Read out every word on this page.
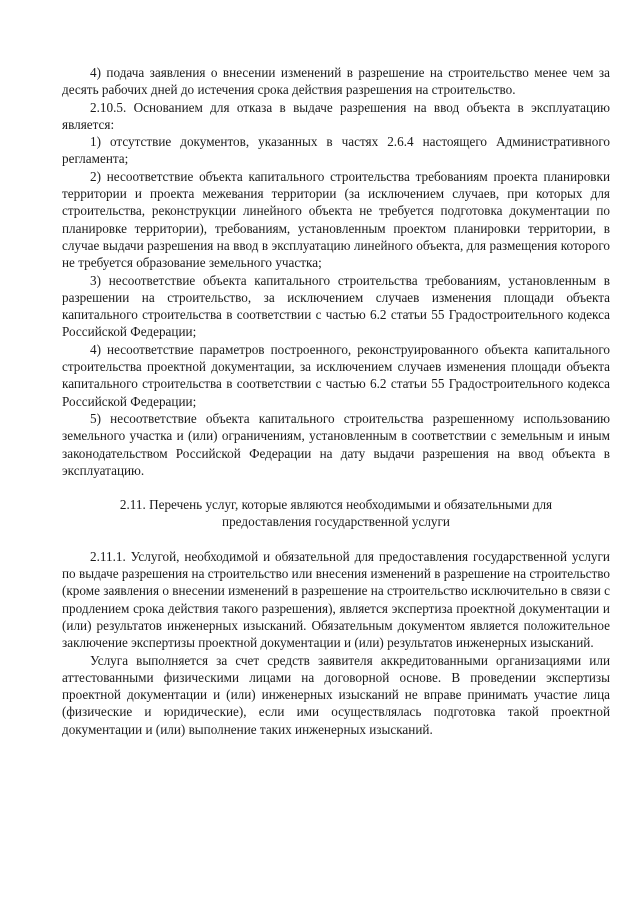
4) подача заявления о внесении изменений в разрешение на строительство менее чем за десять рабочих дней до истечения срока действия разрешения на строительство.

2.10.5. Основанием для отказа в выдаче разрешения на ввод объекта в эксплуатацию является:

1) отсутствие документов, указанных в частях 2.6.4 настоящего Административного регламента;

2) несоответствие объекта капитального строительства требованиям проекта планировки территории и проекта межевания территории (за исключением случаев, при которых для строительства, реконструкции линейного объекта не требуется подготовка документации по планировке территории), требованиям, установленным проектом планировки территории, в случае выдачи разрешения на ввод в эксплуатацию линейного объекта, для размещения которого не требуется образование земельного участка;

3) несоответствие объекта капитального строительства требованиям, установленным в разрешении на строительство, за исключением случаев изменения площади объекта капитального строительства в соответствии с частью 6.2 статьи 55 Градостроительного кодекса Российской Федерации;

4) несоответствие параметров построенного, реконструированного объекта капитального строительства проектной документации, за исключением случаев изменения площади объекта капитального строительства в соответствии с частью 6.2 статьи 55 Градостроительного кодекса Российской Федерации;

5) несоответствие объекта капитального строительства разрешенному использованию земельного участка и (или) ограничениям, установленным в соответствии с земельным и иным законодательством Российской Федерации на дату выдачи разрешения на ввод объекта в эксплуатацию.

2.11. Перечень услуг, которые являются необходимыми и обязательными для
предоставления государственной услуги

2.11.1. Услугой, необходимой и обязательной для предоставления государственной услуги по выдаче разрешения на строительство или внесения изменений в разрешение на строительство (кроме заявления о внесении изменений в разрешение на строительство исключительно в связи с продлением срока действия такого разрешения), является экспертиза проектной документации и (или) результатов инженерных изысканий. Обязательным документом является положительное заключение экспертизы проектной документации и (или) результатов инженерных изысканий.

Услуга выполняется за счет средств заявителя аккредитованными организациями или аттестованными физическими лицами на договорной основе. В проведении экспертизы проектной документации и (или) инженерных изысканий не вправе принимать участие лица (физические и юридические), если ими осуществлялась подготовка такой проектной документации и (или) выполнение таких инженерных изысканий.
